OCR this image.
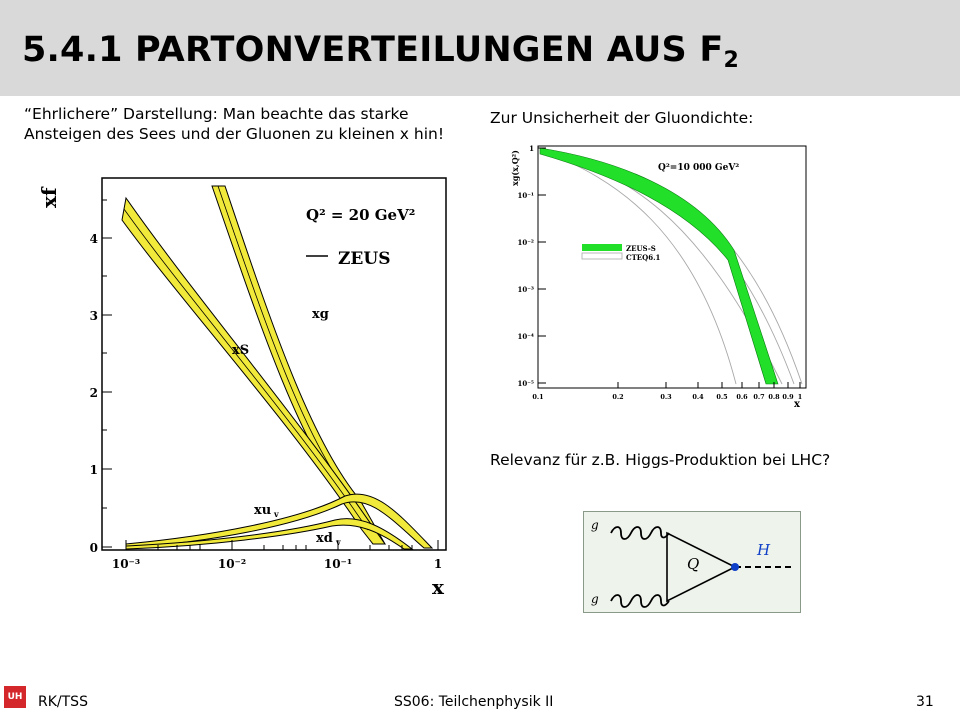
5.4.1 PARTONVERTEILUNGEN AUS $F_2$
“Ehrlichere” Darstellung: Man beachte das starke
Ansteigen des Sees und der Gluonen zu kleinen x hin!
Zur Unsicherheit der Gluondichte:
Relevanz für z.B. Higgs-Produktion bei LHC?
0
1
2
3
4
10⁻³	10⁻²	10⁻¹	1
xf
x
Q² = 20 GeV²
ZEUS
xg
xS
xu v
xd v
1
10⁻¹
10⁻²
10⁻³
10⁻⁴
10⁻⁵
0.1	0.2	0.3	0.4 0.5 0.6 0.7 0.8 0.9 1
x
xg(x,Q²)	Q²=10 000 GeV²
ZEUS-S
CTEQ6.1
g
g
Q
H
UH RK/TSS	SS06: Teilchenphysik II	31
